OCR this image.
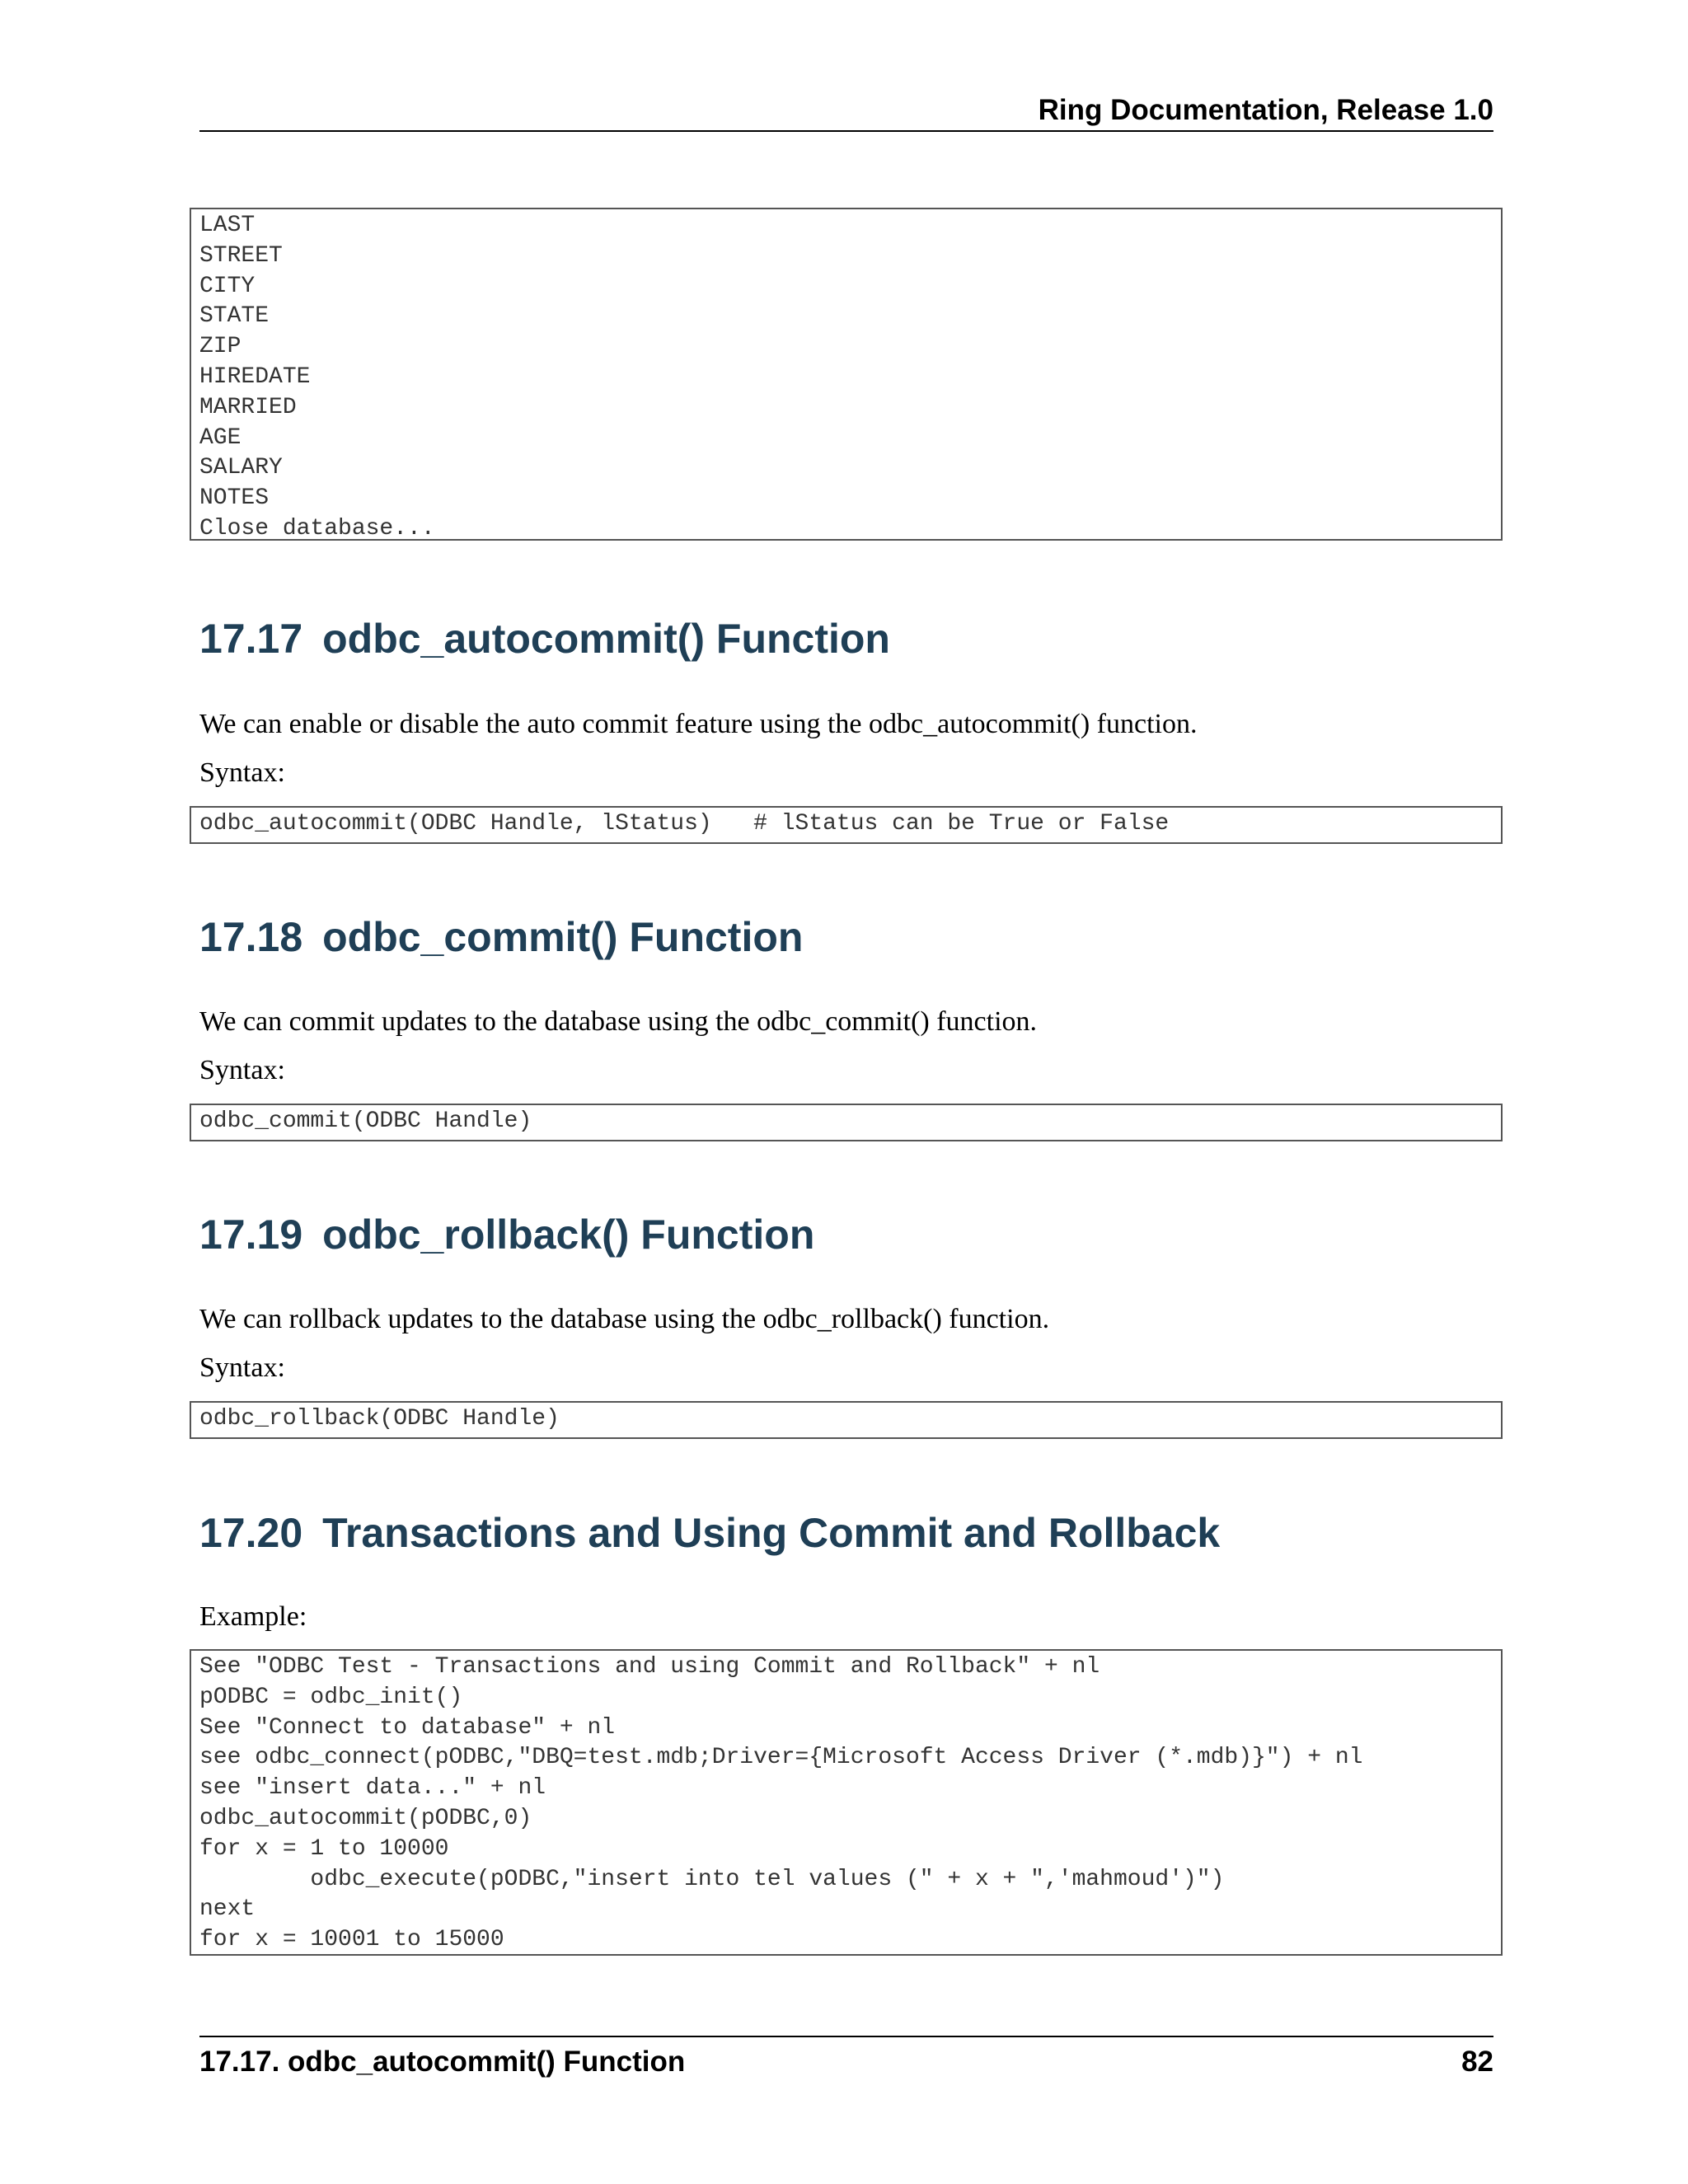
Ring Documentation, Release 1.0
LAST
STREET
CITY
STATE
ZIP
HIREDATE
MARRIED
AGE
SALARY
NOTES
Close database...
17.17 odbc_autocommit() Function

We can enable or disable the auto commit feature using the odbc_autocommit() function.

Syntax:

odbc_autocommit(ODBC Handle, lStatus)   # lStatus can be True or False
17.18 odbc_commit() Function

We can commit updates to the database using the odbc_commit() function.

Syntax:

odbc_commit(ODBC Handle)
17.19 odbc_rollback() Function

We can rollback updates to the database using the odbc_rollback() function.

Syntax:

odbc_rollback(ODBC Handle)
17.20 Transactions and Using Commit and Rollback

Example:

See "ODBC Test - Transactions and using Commit and Rollback" + nl
pODBC = odbc_init()
See "Connect to database" + nl
see odbc_connect(pODBC,"DBQ=test.mdb;Driver={Microsoft Access Driver (*.mdb)}") + nl
see "insert data..." + nl
odbc_autocommit(pODBC,0)
for x = 1 to 10000
odbc_execute(pODBC,"insert into tel values (" + x + ",'mahmoud')")
next
for x = 10001 to 15000
17.17. odbc_autocommit() Function	82
